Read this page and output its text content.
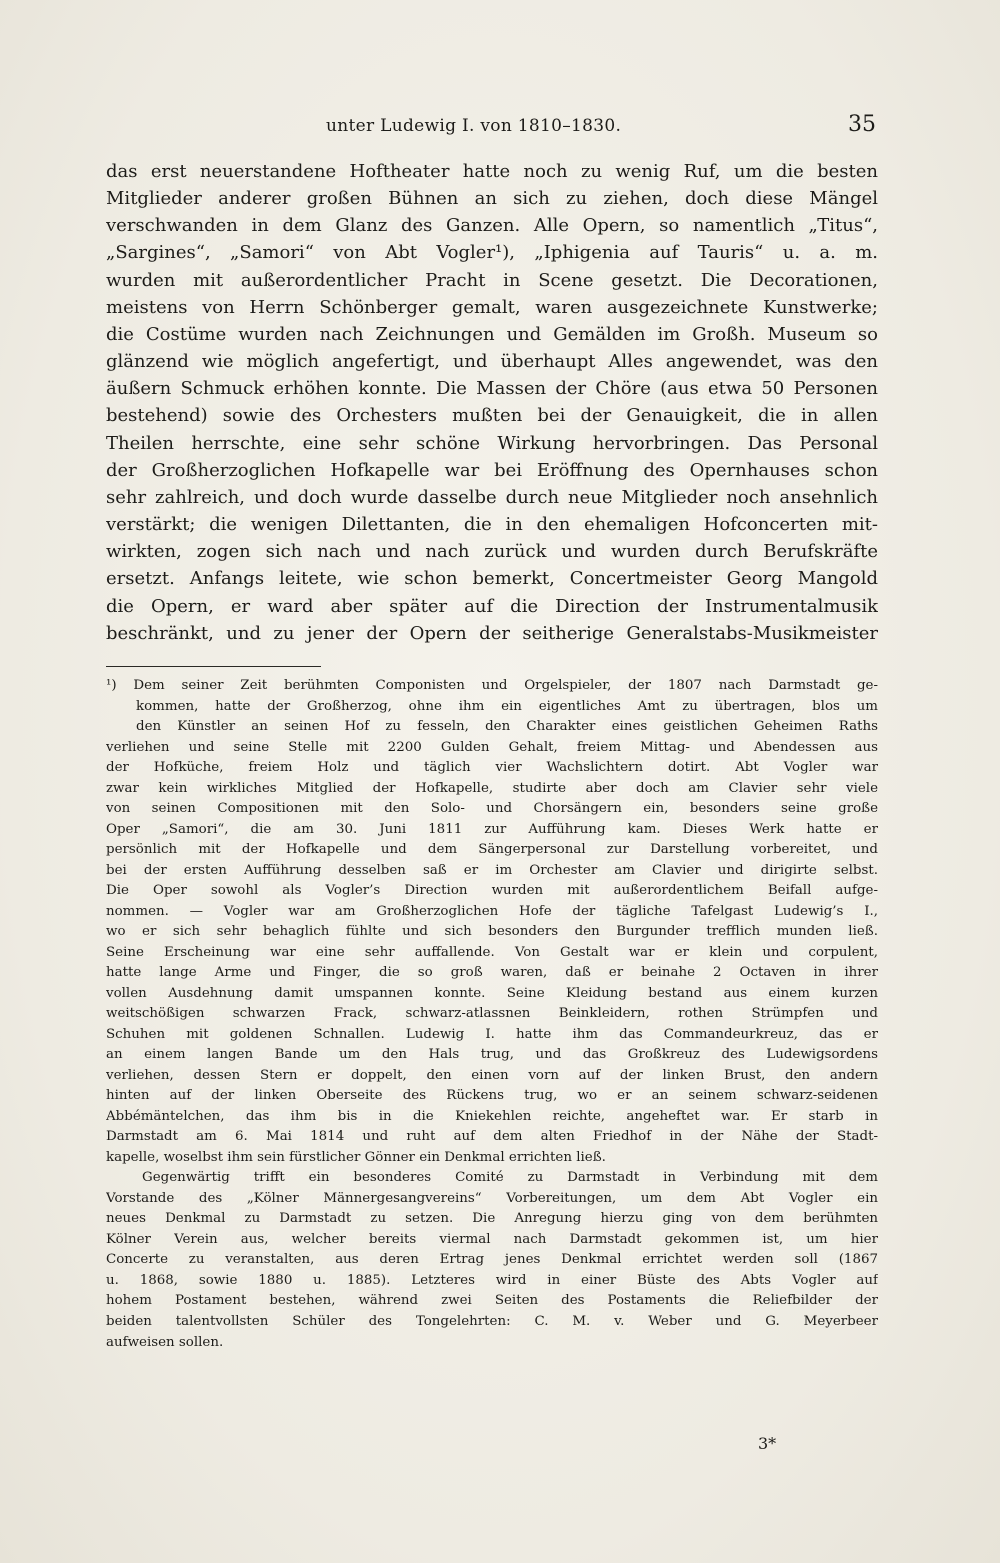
unter Ludewig I. von 1810–1830.	35
das erst neuerstandene Hoftheater hatte noch zu wenig Ruf, um die besten
Mitglieder anderer großen Bühnen an sich zu ziehen, doch diese Mängel
verschwanden in dem Glanz des Ganzen. Alle Opern, so namentlich „Titus“,
„Sargines“, „Samori“ von Abt Vogler¹), „Iphigenia auf Tauris“ u. a. m.
wurden mit außerordentlicher Pracht in Scene gesetzt. Die Decorationen,
meistens von Herrn Schönberger gemalt, waren ausgezeichnete Kunstwerke;
die Costüme wurden nach Zeichnungen und Gemälden im Großh. Museum so
glänzend wie möglich angefertigt, und überhaupt Alles angewendet, was den
äußern Schmuck erhöhen konnte. Die Massen der Chöre (aus etwa 50 Personen
bestehend) sowie des Orchesters mußten bei der Genauigkeit, die in allen
Theilen herrschte, eine sehr schöne Wirkung hervorbringen. Das Personal
der Großherzoglichen Hofkapelle war bei Eröffnung des Opernhauses schon
sehr zahlreich, und doch wurde dasselbe durch neue Mitglieder noch ansehnlich
verstärkt; die wenigen Dilettanten, die in den ehemaligen Hofconcerten mit-
wirkten, zogen sich nach und nach zurück und wurden durch Berufskräfte
ersetzt. Anfangs leitete, wie schon bemerkt, Concertmeister Georg Mangold
die Opern, er ward aber später auf die Direction der Instrumentalmusik
beschränkt, und zu jener der Opern der seitherige Generalstabs-Musikmeister
¹) Dem seiner Zeit berühmten Componisten und Orgelspieler, der 1807 nach Darmstadt ge-
kommen, hatte der Großherzog, ohne ihm ein eigentliches Amt zu übertragen, blos um
den Künstler an seinen Hof zu fesseln, den Charakter eines geistlichen Geheimen Raths
verliehen und seine Stelle mit 2200 Gulden Gehalt, freiem Mittag- und Abendessen aus
der Hofküche, freiem Holz und täglich vier Wachslichtern dotirt. Abt Vogler war
zwar kein wirkliches Mitglied der Hofkapelle, studirte aber doch am Clavier sehr viele
von seinen Compositionen mit den Solo- und Chorsängern ein, besonders seine große
Oper „Samori“, die am 30. Juni 1811 zur Aufführung kam. Dieses Werk hatte er
persönlich mit der Hofkapelle und dem Sängerpersonal zur Darstellung vorbereitet, und
bei der ersten Aufführung desselben saß er im Orchester am Clavier und dirigirte selbst.
Die Oper sowohl als Vogler’s Direction wurden mit außerordentlichem Beifall aufge-
nommen. — Vogler war am Großherzoglichen Hofe der tägliche Tafelgast Ludewig’s I.,
wo er sich sehr behaglich fühlte und sich besonders den Burgunder trefflich munden ließ.
Seine Erscheinung war eine sehr auffallende. Von Gestalt war er klein und corpulent,
hatte lange Arme und Finger, die so groß waren, daß er beinahe 2 Octaven in ihrer
vollen Ausdehnung damit umspannen konnte. Seine Kleidung bestand aus einem kurzen
weitschößigen schwarzen Frack, schwarz-atlassnen Beinkleidern, rothen Strümpfen und
Schuhen mit goldenen Schnallen. Ludewig I. hatte ihm das Commandeurkreuz, das er
an einem langen Bande um den Hals trug, und das Großkreuz des Ludewigsordens
verliehen, dessen Stern er doppelt, den einen vorn auf der linken Brust, den andern
hinten auf der linken Oberseite des Rückens trug, wo er an seinem schwarz-seidenen
Abbémäntelchen, das ihm bis in die Kniekehlen reichte, angeheftet war. Er starb in
Darmstadt am 6. Mai 1814 und ruht auf dem alten Friedhof in der Nähe der Stadt-
kapelle, woselbst ihm sein fürstlicher Gönner ein Denkmal errichten ließ.
Gegenwärtig trifft ein besonderes Comité zu Darmstadt in Verbindung mit dem
Vorstande des „Kölner Männergesangvereins“ Vorbereitungen, um dem Abt Vogler ein
neues Denkmal zu Darmstadt zu setzen. Die Anregung hierzu ging von dem berühmten
Kölner Verein aus, welcher bereits viermal nach Darmstadt gekommen ist, um hier
Concerte zu veranstalten, aus deren Ertrag jenes Denkmal errichtet werden soll (1867
u. 1868, sowie 1880 u. 1885). Letzteres wird in einer Büste des Abts Vogler auf
hohem Postament bestehen, während zwei Seiten des Postaments die Reliefbilder der
beiden talentvollsten Schüler des Tongelehrten: C. M. v. Weber und G. Meyerbeer
aufweisen sollen.
3*
